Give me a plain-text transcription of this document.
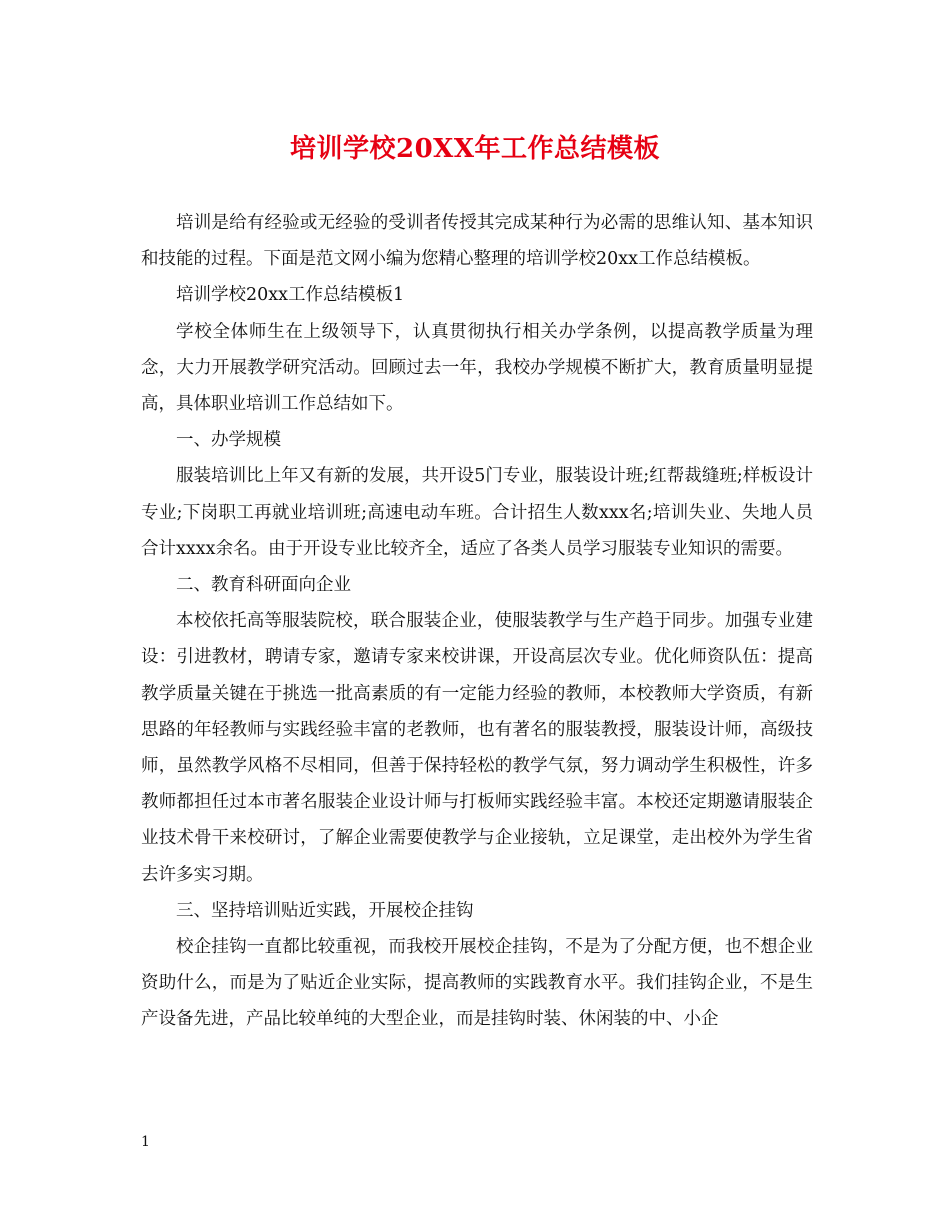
培训学校20XX年工作总结模板

培训是给有经验或无经验的受训者传授其完成某种行为必需的思维认知、基本知识和技能的过程。下面是范文网小编为您精心整理的培训学校20xx工作总结模板。

培训学校20xx工作总结模板1

学校全体师生在上级领导下，认真贯彻执行相关办学条例，以提高教学质量为理念，大力开展教学研究活动。回顾过去一年，我校办学规模不断扩大，教育质量明显提高，具体职业培训工作总结如下。

一、办学规模

服装培训比上年又有新的发展，共开设5门专业，服装设计班;红帮裁缝班;样板设计专业;下岗职工再就业培训班;高速电动车班。合计招生人数xxx名;培训失业、失地人员合计xxxx余名。由于开设专业比较齐全，适应了各类人员学习服装专业知识的需要。

二、教育科研面向企业

本校依托高等服装院校，联合服装企业，使服装教学与生产趋于同步。加强专业建设：引进教材，聘请专家，邀请专家来校讲课，开设高层次专业。优化师资队伍：提高教学质量关键在于挑选一批高素质的有一定能力经验的教师，本校教师大学资质，有新思路的年轻教师与实践经验丰富的老教师，也有著名的服装教授，服装设计师，高级技师，虽然教学风格不尽相同，但善于保持轻松的教学气氛，努力调动学生积极性，许多教师都担任过本市著名服装企业设计师与打板师实践经验丰富。本校还定期邀请服装企业技术骨干来校研讨，了解企业需要使教学与企业接轨，立足课堂，走出校外为学生省去许多实习期。

三、坚持培训贴近实践，开展校企挂钩

校企挂钩一直都比较重视，而我校开展校企挂钩，不是为了分配方便，也不想企业资助什么，而是为了贴近企业实际，提高教师的实践教育水平。我们挂钩企业，不是生产设备先进，产品比较单纯的大型企业，而是挂钩时装、休闲装的中、小企

1
